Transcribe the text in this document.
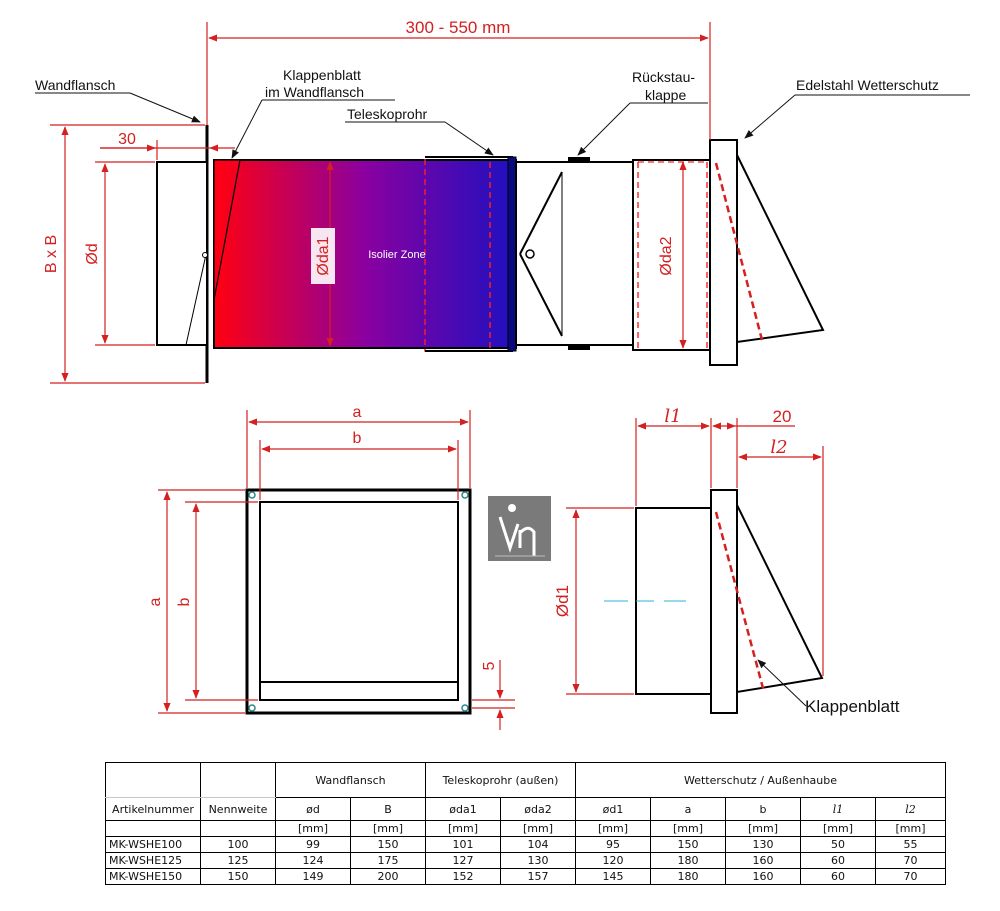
300 - 550 mm
Wandflansch
Klappenblatt
im Wandflansch
Rückstau-
klappe
Edelstahl Wetterschutz
Teleskoprohr
30
B x B Ød	Øda1	Øda2
Isolier Zone
a
b
a b
5
l1	20
l2
Ød1
Klappenblatt
		Wandflansch		Teleskoprohr (außen)		Wetterschutz / Außenhaube				
Artikelnummer	Nennweite	ød	B	øda1	øda2	ød1	a	b	l1	l2
		[mm]	[mm]	[mm]	[mm]	[mm]	[mm]	[mm]	[mm]	[mm]
MK-WSHE100	100	99	150	101	104	95	150	130	50	55
MK-WSHE125	125	124	175	127	130	120	180	160	60	70
MK-WSHE150	150	149	200	152	157	145	180	160	60	70
